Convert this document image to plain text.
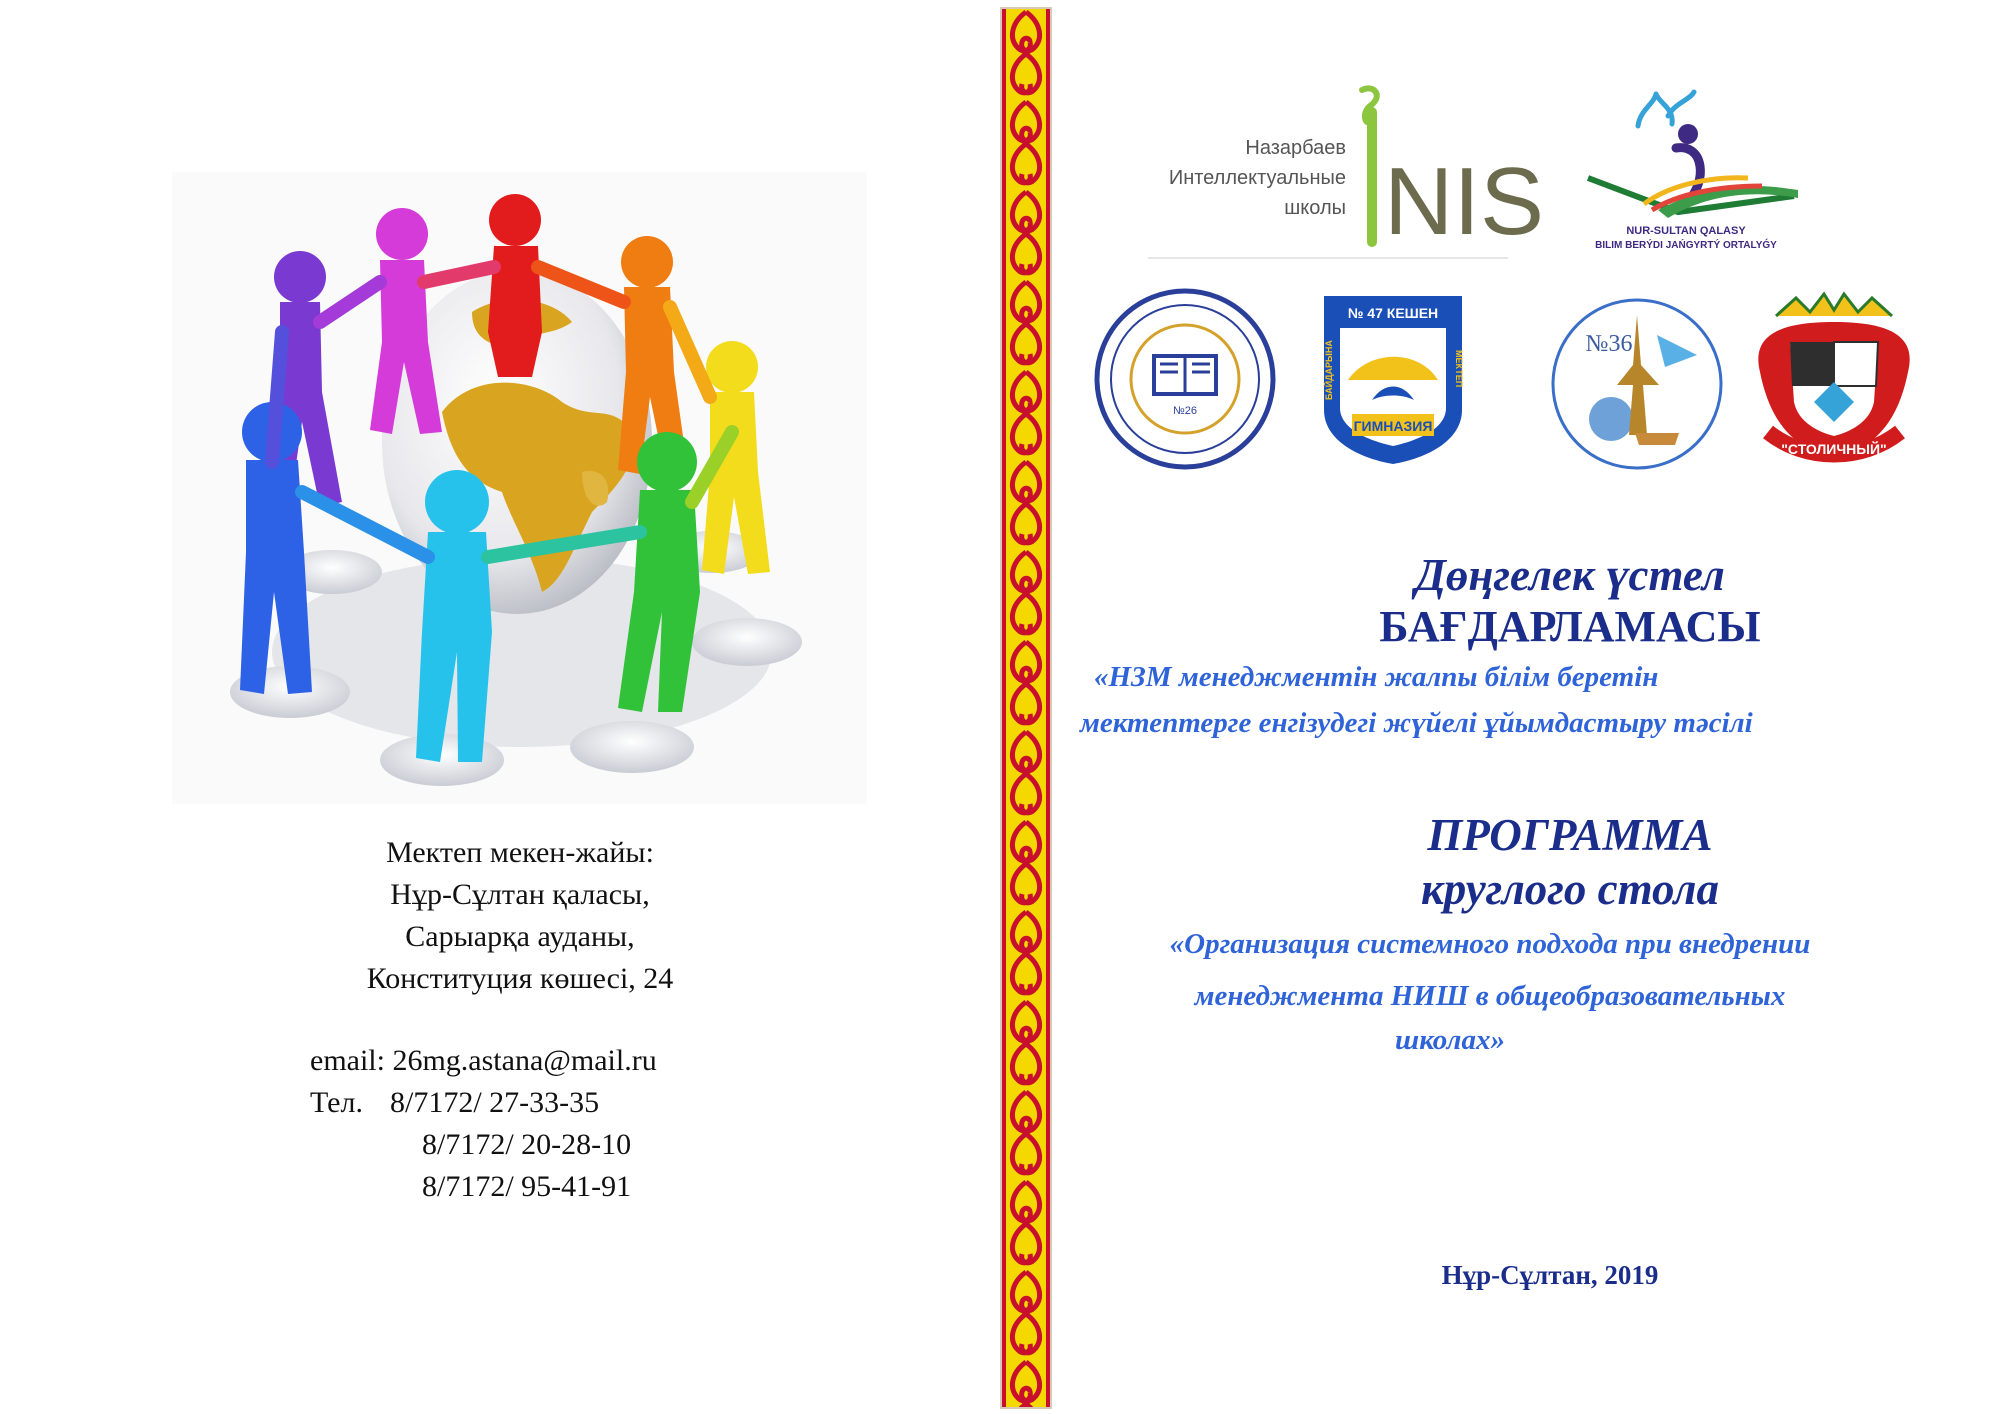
Мектеп мекен-жайы:
Нұр-Сұлтан қаласы,
Сарыарқа ауданы,
Конституция көшесі, 24
email: 26mg.astana@mail.ru
Тел. 8/7172/ 27-33-35
8/7172/ 20-28-10
8/7172/ 95-41-91
Назарбаев
Интеллектуальные
школы NIS	NUR-SULTAN QALASY
BILIM BERÝDI JAŃGYRTÝ ORTALYǴY
№26
№ 47 КЕШЕН
ГИМНАЗИЯ
БАЙДАРЫНА	МЕКТЕП
№36
"СТОЛИЧНЫЙ"
Дөңгелек үстел
БАҒДАРЛАМАСЫ
«НЗМ менеджментін жалпы білім беретін
мектептерге енгізудегі жүйелі ұйымдастыру тәсілі
ПРОГРАММА
круглого стола
«Организация системного подхода при внедрении
менеджмента НИШ в общеобразовательных
школах»
Нұр-Сұлтан, 2019
